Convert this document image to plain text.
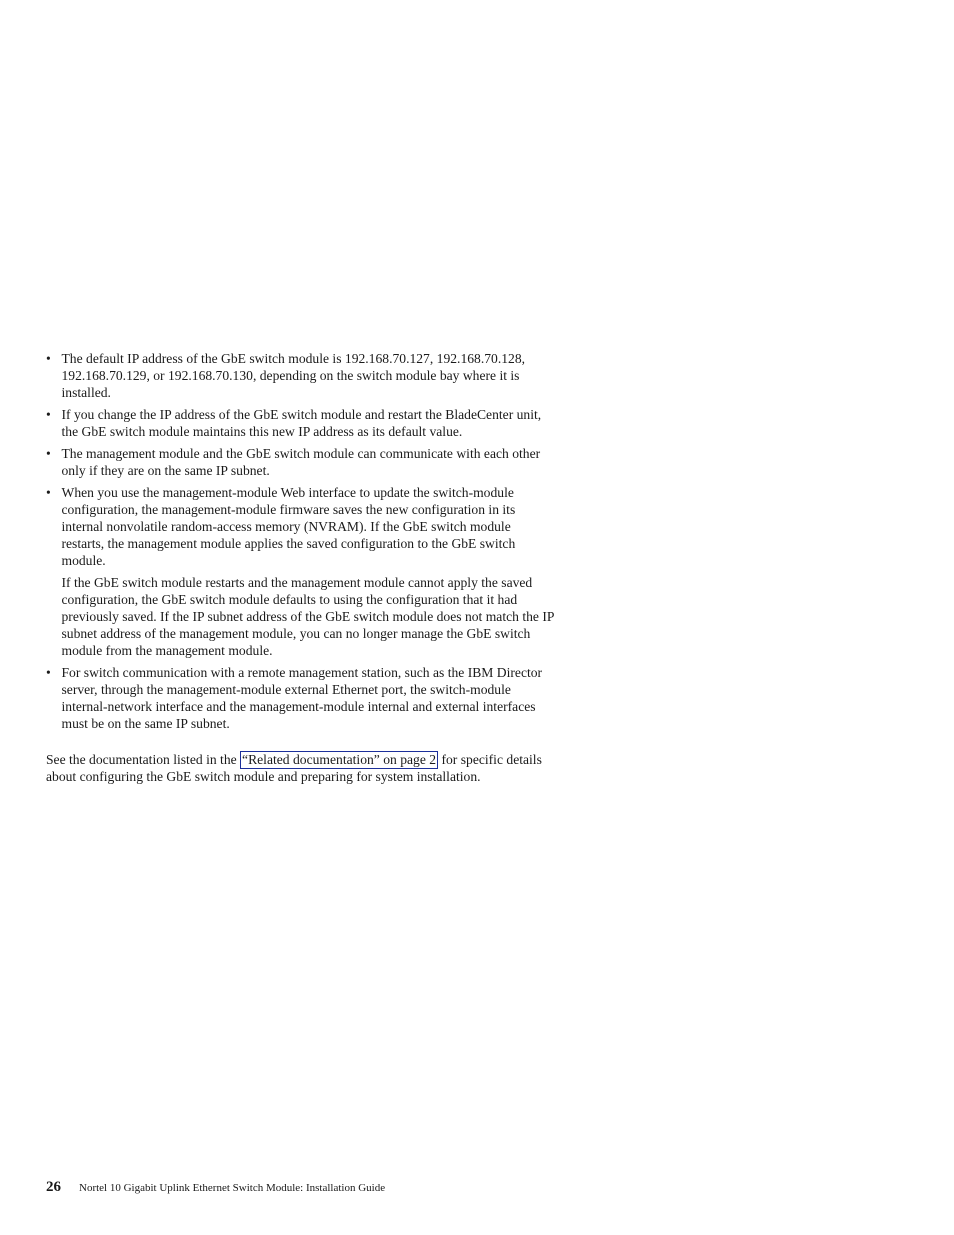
• The default IP address of the GbE switch module is 192.168.70.127, 192.168.70.128, 192.168.70.129, or 192.168.70.130, depending on the switch module bay where it is installed.

• If you change the IP address of the GbE switch module and restart the BladeCenter unit, the GbE switch module maintains this new IP address as its default value.

• The management module and the GbE switch module can communicate with each other only if they are on the same IP subnet.

• When you use the management-module Web interface to update the switch-module configuration, the management-module firmware saves the new configuration in its internal nonvolatile random-access memory (NVRAM). If the GbE switch module restarts, the management module applies the saved configuration to the GbE switch module.

If the GbE switch module restarts and the management module cannot apply the saved configuration, the GbE switch module defaults to using the configuration that it had previously saved. If the IP subnet address of the GbE switch module does not match the IP subnet address of the management module, you can no longer manage the GbE switch module from the management module.

• For switch communication with a remote management station, such as the IBM Director server, through the management-module external Ethernet port, the switch-module internal-network interface and the management-module internal and external interfaces must be on the same IP subnet.

See the documentation listed in the “Related documentation” on page 2 for specific details about configuring the GbE switch module and preparing for system installation.

26 Nortel 10 Gigabit Uplink Ethernet Switch Module: Installation Guide
